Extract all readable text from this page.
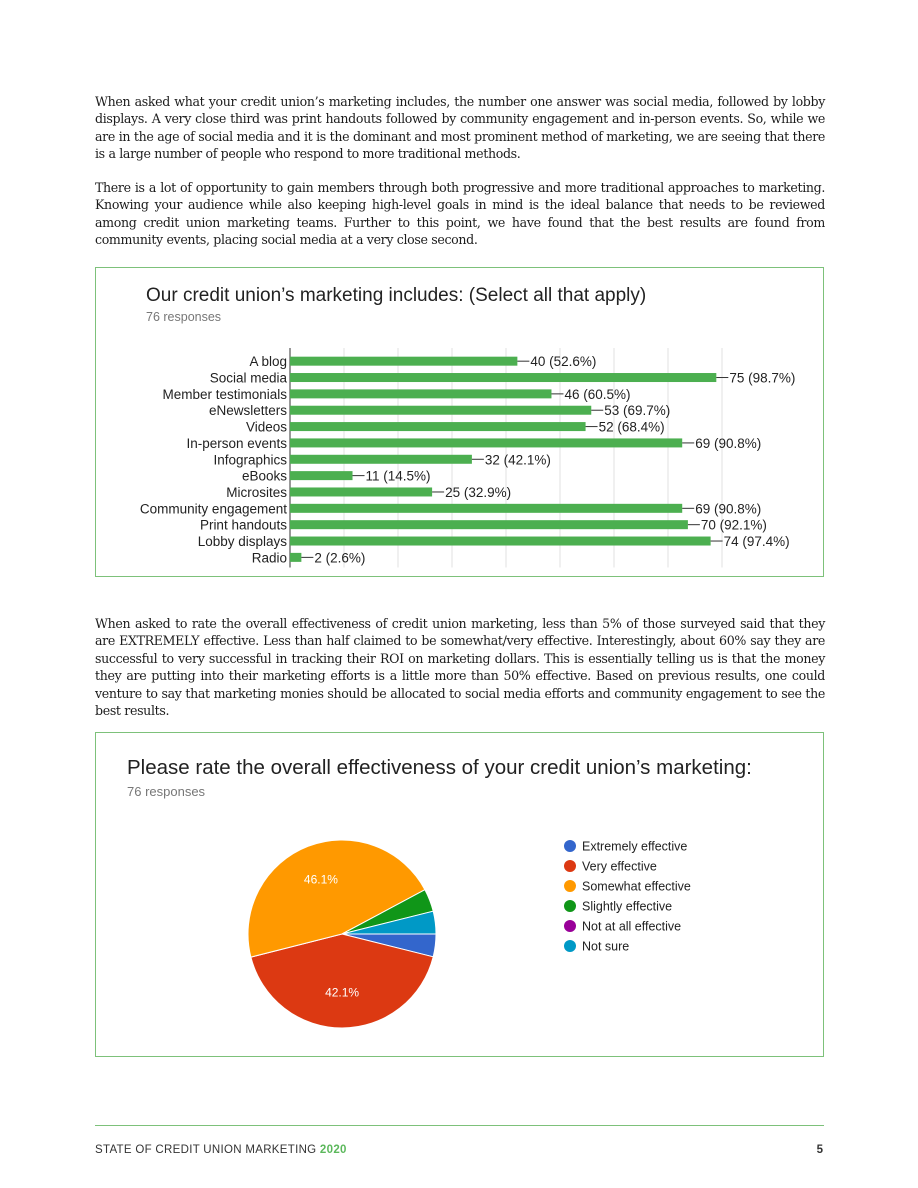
When asked what your credit union’s marketing includes, the number one answer was social media, followed by lobby displays. A very close third was print handouts followed by community engagement and in-person events. So, while we are in the age of social media and it is the dominant and most prominent method of marketing, we are seeing that there is a large number of people who respond to more traditional methods.

There is a lot of opportunity to gain members through both progressive and more traditional approaches to marketing. Knowing your audience while also keeping high-level goals in mind is the ideal balance that needs to be reviewed among credit union marketing teams. Further to this point, we have found that the best results are found from community events, placing social media at a very close second.

Our credit union’s marketing includes: (Select all that apply)
76 responses
A blog	40 (52.6%)
Social media	75 (98.7%)
Member testimonials	46 (60.5%)
eNewsletters	53 (69.7%)
Videos	52 (68.4%)
In-person events	69 (90.8%)
Infographics	32 (42.1%)
eBooks	11 (14.5%)
Microsites	25 (32.9%)
Community engagement	69 (90.8%)
Print handouts	70 (92.1%)
Lobby displays	74 (97.4%)
Radio 2 (2.6%)

When asked to rate the overall effectiveness of credit union marketing, less than 5% of those surveyed said that they are EXTREMELY effective. Less than half claimed to be somewhat/very effective. Interestingly, about 60% say they are successful to very successful in tracking their ROI on marketing dollars. This is essentially telling us is that the money they are putting into their marketing efforts is a little more than 50% effective. Based on previous results, one could venture to say that marketing monies should be allocated to social media efforts and community engagement to see the best results.

Please rate the overall effectiveness of your credit union’s marketing:
76 responses
42.1%
46.1%
Extremely effective
Very effective
Somewhat effective
Slightly effective
Not at all effective
Not sure
STATE OF CREDIT UNION MARKETING 2020	5
